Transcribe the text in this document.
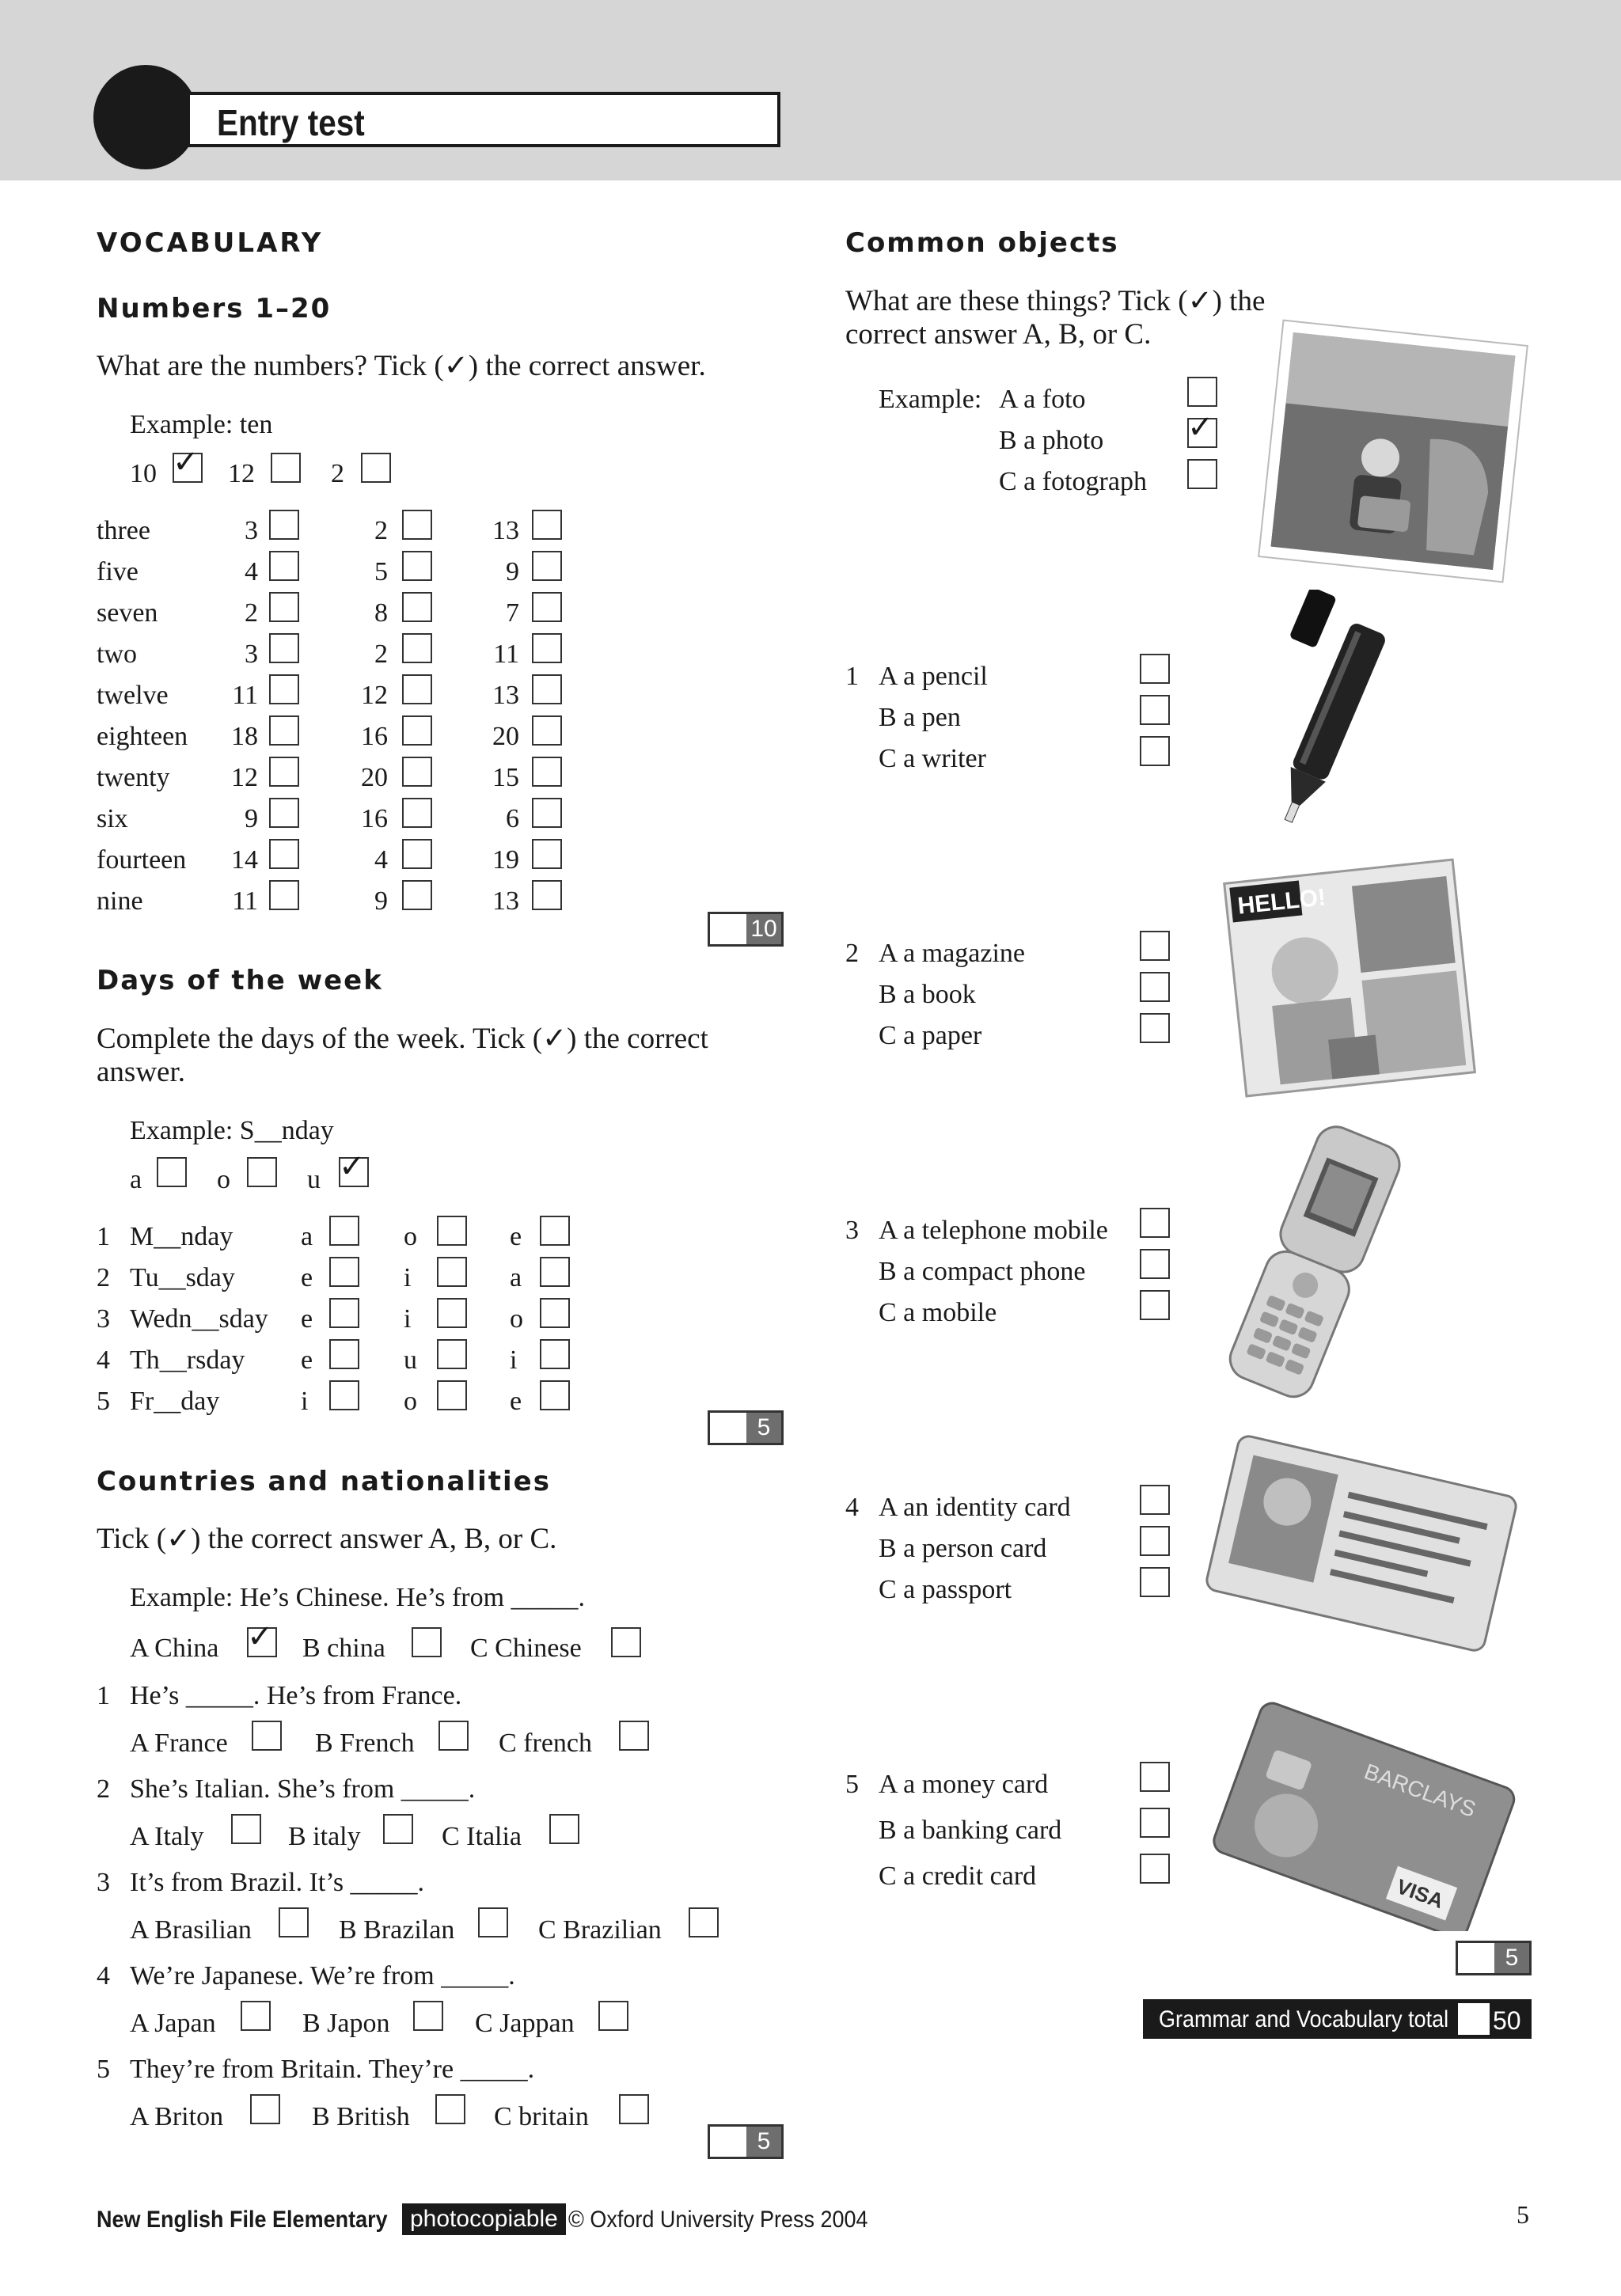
Entry test
VOCABULARY
Numbers 1–20
What are the numbers? Tick (✓) the correct answer.
Example: ten
10 ✓ 12	2
three	3	2	13
five	4	5	9
seven	2	8	7
two	3	2	11
twelve	11	12	13
eighteen 18	16	20
twenty 12	20	15
six	9	16	6
fourteen 14	4	19
nine	11	9	13
10
Days of the week
Complete the days of the week. Tick (✓) the correct
answer.
Example: S__nday
a	o	u ✓
1 M__nday	a	o	e
2 Tu__sday e	i	a
3 Wedn__sday e	i	o
4 Th__rsday e	u	i
5 Fr__day	i	o	e
5
Countries and nationalities
Tick (✓) the correct answer A, B, or C.
Example: He’s Chinese. He’s from _____.
A China ✓ B china	C Chinese
1 He’s _____. He’s from France.
A France	B French	C french
2 She’s Italian. She’s from _____.
A Italy	B italy	C Italia
3 It’s from Brazil. It’s _____.
A Brasilian	B Brazilan	C Brazilian
4 We’re Japanese. We’re from _____.
A Japan	B Japon	C Jappan
5 They’re from Britain. They’re _____.
A Briton	B British	C britain
5
Common objects
What are these things? Tick (✓) the
correct answer A, B, or C.
Example: A a foto
B a photo	✓
C a fotograph
1 A a pencil
B a pen
C a writer
2 A a magazine
B a book
C a paper
3 A a telephone mobile
B a compact phone
C a mobile
4 A an identity card
B a person card
C a passport
5 A a money card
B a banking card
C a credit card
HELLO!
BARCLAYS
VISA
5
Grammar and Vocabulary total 50
New English File Elementary photocopiable © Oxford University Press 2004	5
